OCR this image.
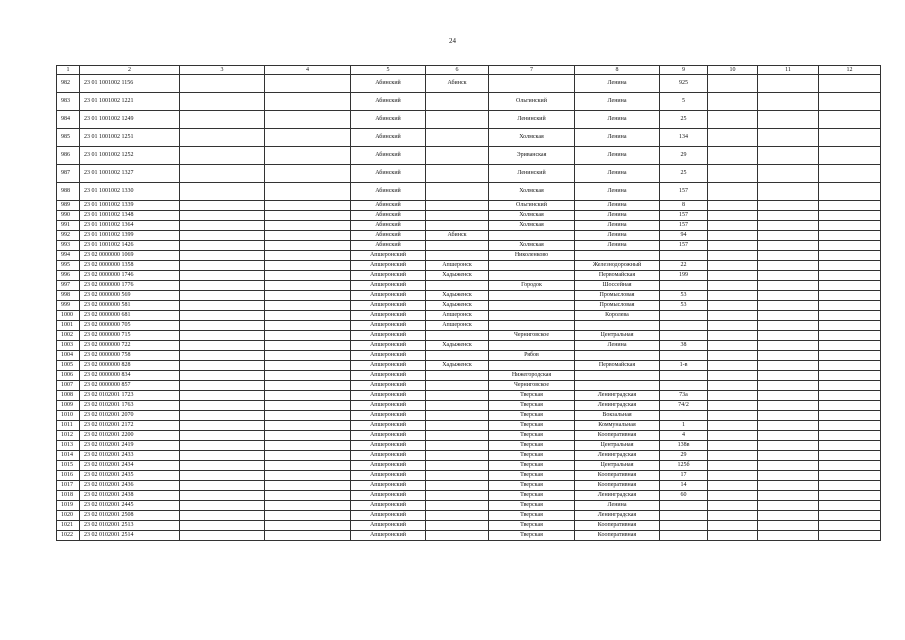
24
1	2	3	4	5	6	7	8	9	10	11	12
982	23 01 1001002 1156			Абинский	Абинск		Ленина	925			
983	23 01 1001002 1221			Абинский		Ольгинский	Ленина	5			
984	23 01 1001002 1249			Абинский		Ленинский	Ленина	25			
985	23 01 1001002 1251			Абинский		Холмская	Ленина	134			
986	23 01 1001002 1252			Абинский		Эриванская	Ленина	29			
987	23 01 1001002 1327			Абинский		Ленинский	Ленина	25			
988	23 01 1001002 1330			Абинский		Холмская	Ленина	157			
989	23 01 1001002 1339			Абинский		Ольгинский	Ленина	8			
990	23 01 1001002 1348			Абинский		Холмская	Ленина	157			
991	23 01 1001002 1364			Абинский		Холмская	Ленина	157			
992	23 01 1001002 1399			Абинский	Абинск		Ленина	94			
993	23 01 1001002 1426			Абинский		Холмская	Ленина	157			
994	23 02 0000000 1069			Апшеронский		Николенково					
995	23 02 0000000 1358			Апшеронский	Апшеронск		Железнодорожный	22			
996	23 02 0000000 1746			Апшеронский	Хадыженск		Первомайская	199			
997	23 02 0000000 1776			Апшеронский		Городок	Шоссейная				
998	23 02 0000000 569			Апшеронский	Хадыженск		Промысловая	53			
999	23 02 0000000 581			Апшеронский	Хадыженск		Промысловая	53			
1000	23 02 0000000 681			Апшеронский	Апшеронск		Королева				
1001	23 02 0000000 705			Апшеронский	Апшеронск						
1002	23 02 0000000 715			Апшеронский		Черниговское	Центральная				
1003	23 02 0000000 722			Апшеронский	Хадыженск		Ленина	38			
1004	23 02 0000000 758			Апшеронский		Рябов					
1005	23 02 0000000 828			Апшеронский	Хадыженск		Первомайская	1-в			
1006	23 02 0000000 834			Апшеронский		Нижегородская					
1007	23 02 0000000 857			Апшеронский		Черниговское					
1008	23 02 0102001 1723			Апшеронский		Тверская	Ленинградская	73а			
1009	23 02 0102001 1763			Апшеронский		Тверская	Ленинградская	74/2			
1010	23 02 0102001 2070			Апшеронский		Тверская	Вокзальная				
1011	23 02 0102001 2172			Апшеронский		Тверская	Коммунальная	1			
1012	23 02 0102001 2200			Апшеронский		Тверская	Кооперативная	4			
1013	23 02 0102001 2419			Апшеронский		Тверская	Центральная	138в			
1014	23 02 0102001 2433			Апшеронский		Тверская	Ленинградская	29			
1015	23 02 0102001 2434			Апшеронский		Тверская	Центральная	125б			
1016	23 02 0102001 2435			Апшеронский		Тверская	Кооперативная	17			
1017	23 02 0102001 2436			Апшеронский		Тверская	Кооперативная	14			
1018	23 02 0102001 2438			Апшеронский		Тверская	Ленинградская	60			
1019	23 02 0102001 2445			Апшеронский		Тверская	Ленина				
1020	23 02 0102001 2508			Апшеронский		Тверская	Ленинградская				
1021	23 02 0102001 2513			Апшеронский		Тверская	Кооперативная				
1022	23 02 0102001 2514			Апшеронский		Тверская	Кооперативная				
